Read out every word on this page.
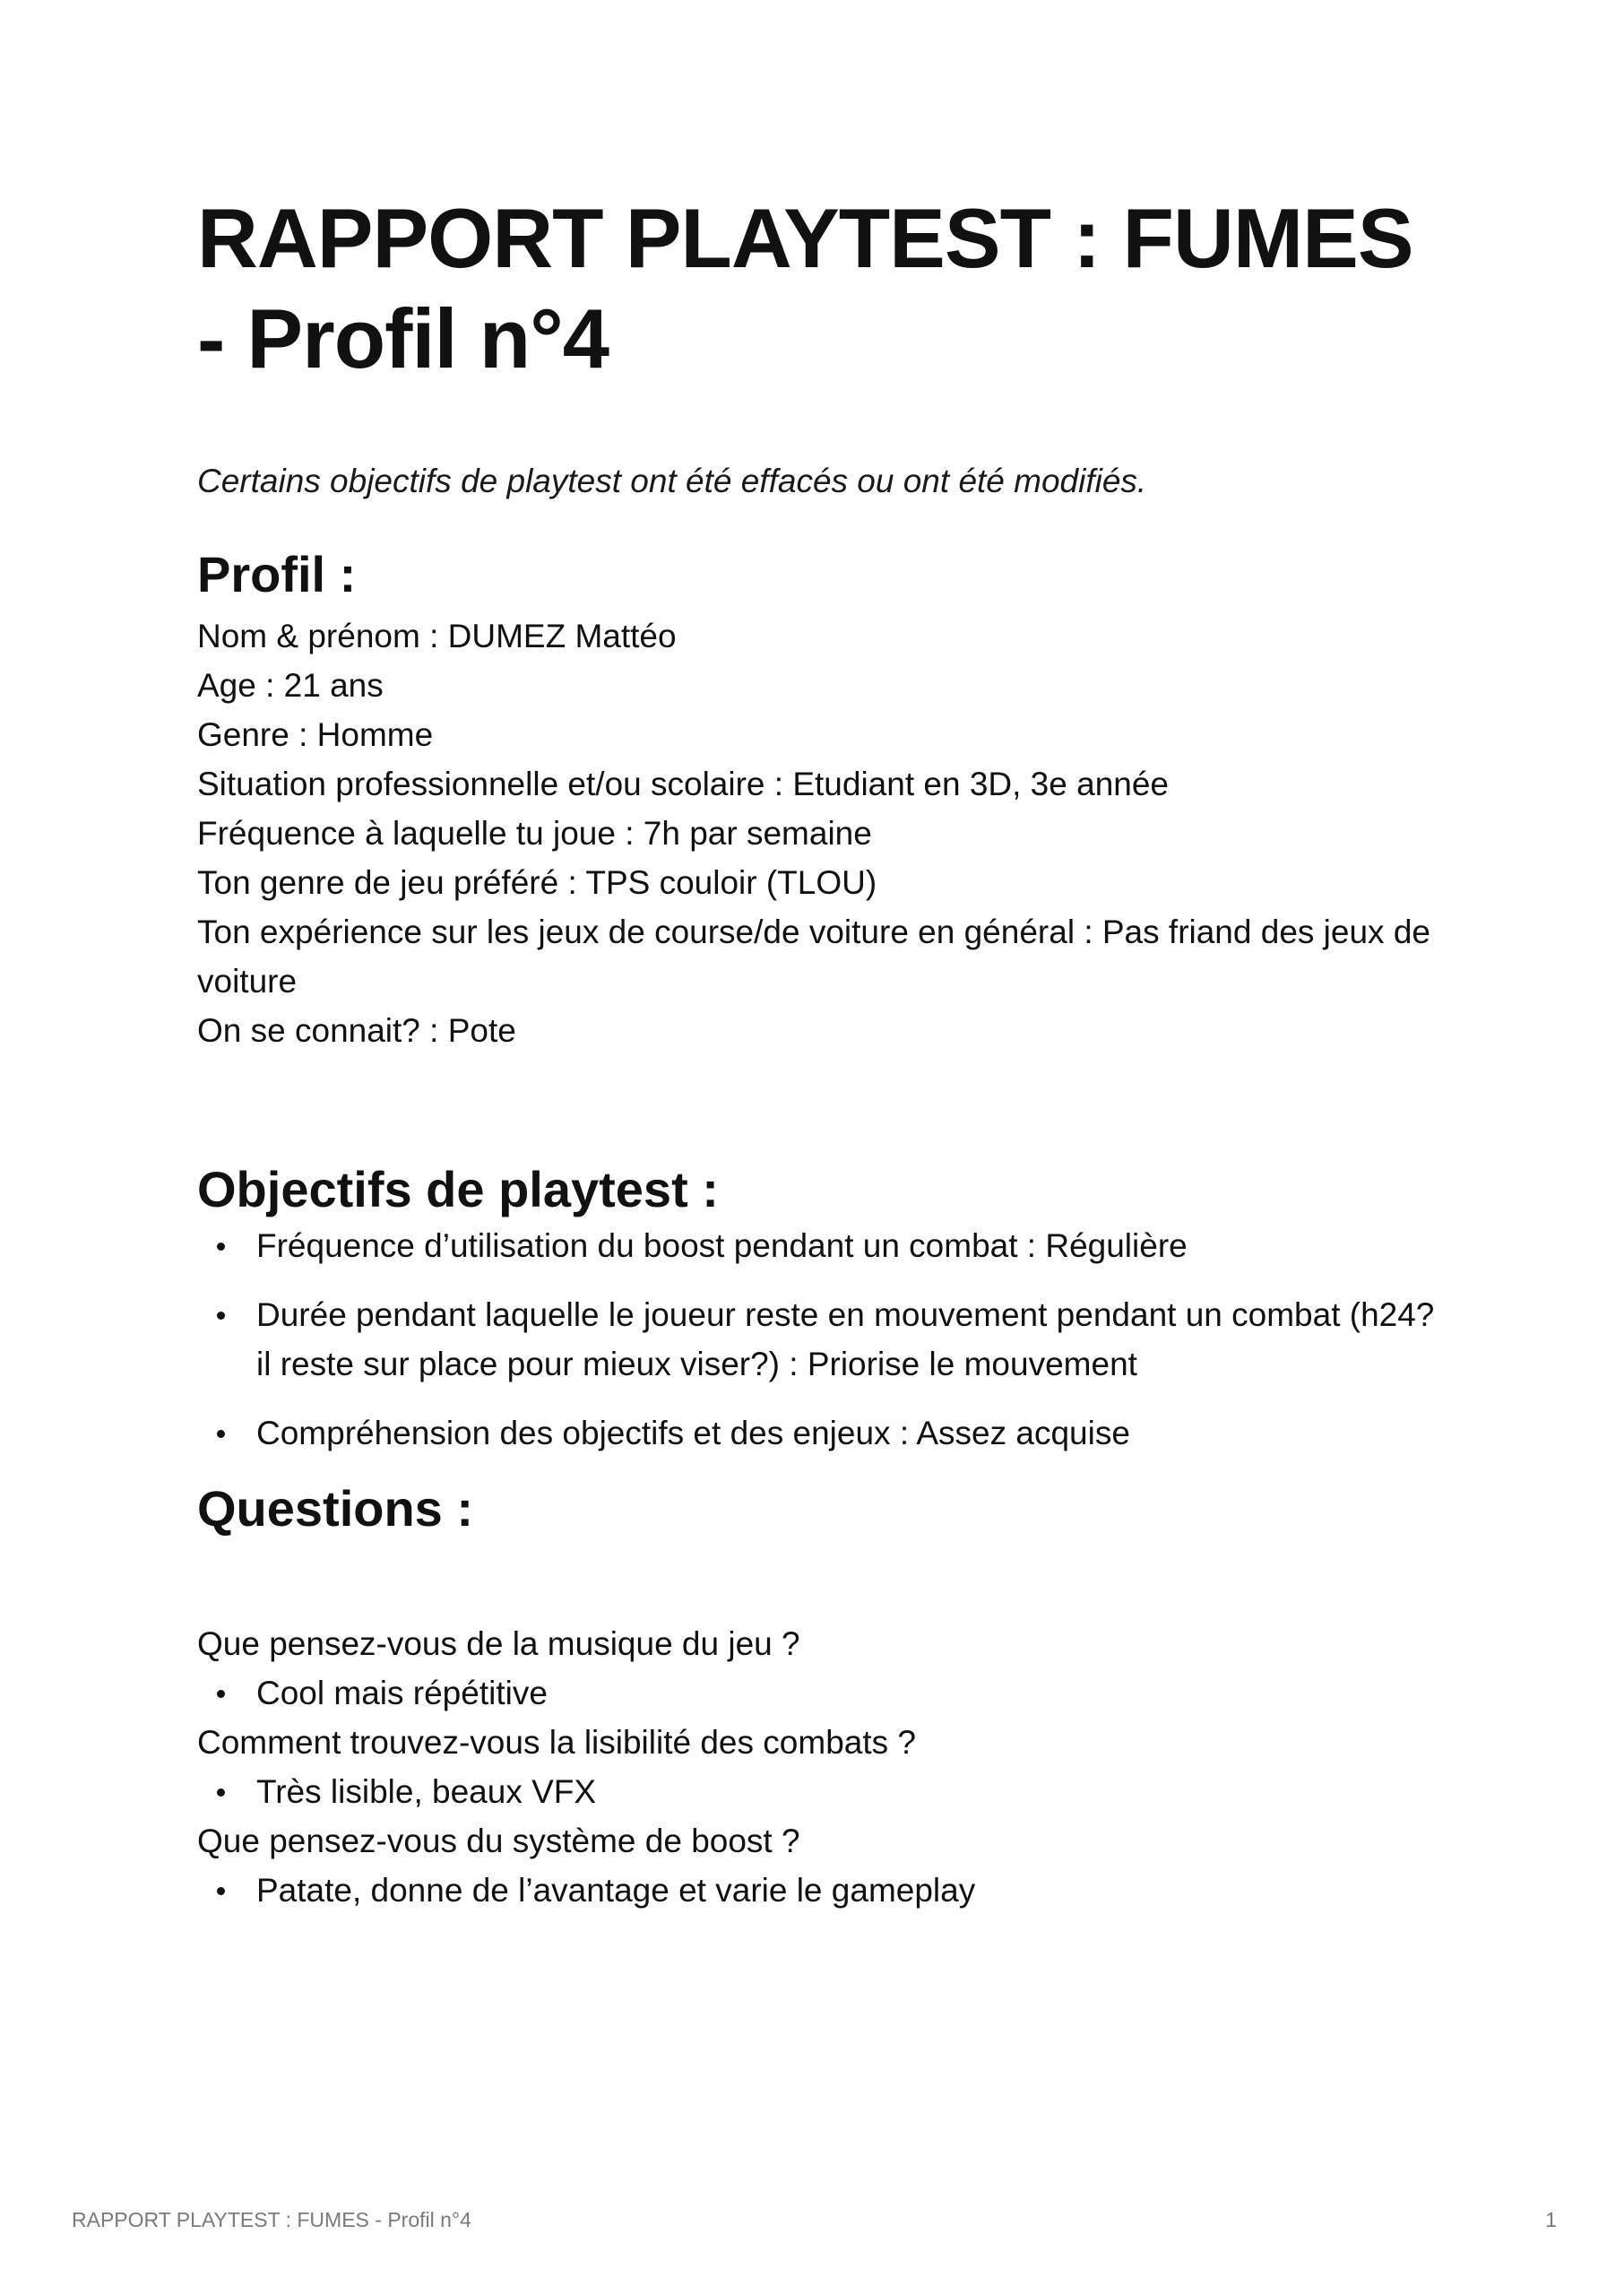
RAPPORT PLAYTEST : FUMES - Profil n°4

Certains objectifs de playtest ont été effacés ou ont été modifiés.

Profil :
Nom & prénom : DUMEZ Mattéo
Age : 21 ans
Genre : Homme
Situation professionnelle et/ou scolaire : Etudiant en 3D, 3e année
Fréquence à laquelle tu joue : 7h par semaine
Ton genre de jeu préféré : TPS couloir (TLOU)
Ton expérience sur les jeux de course/de voiture en général : Pas friand des jeux de voiture
On se connait? : Pote
Objectifs de playtest :
Fréquence d’utilisation du boost pendant un combat : Régulière
Durée pendant laquelle le joueur reste en mouvement pendant un combat (h24? il reste sur place pour mieux viser?) : Priorise le mouvement
Compréhension des objectifs et des enjeux : Assez acquise
Questions :

Que pensez-vous de la musique du jeu ?

Cool mais répétitive

Comment trouvez-vous la lisibilité des combats ?

Très lisible, beaux VFX

Que pensez-vous du système de boost ?

Patate, donne de l’avantage et varie le gameplay
RAPPORT PLAYTEST : FUMES - Profil n°4	1
